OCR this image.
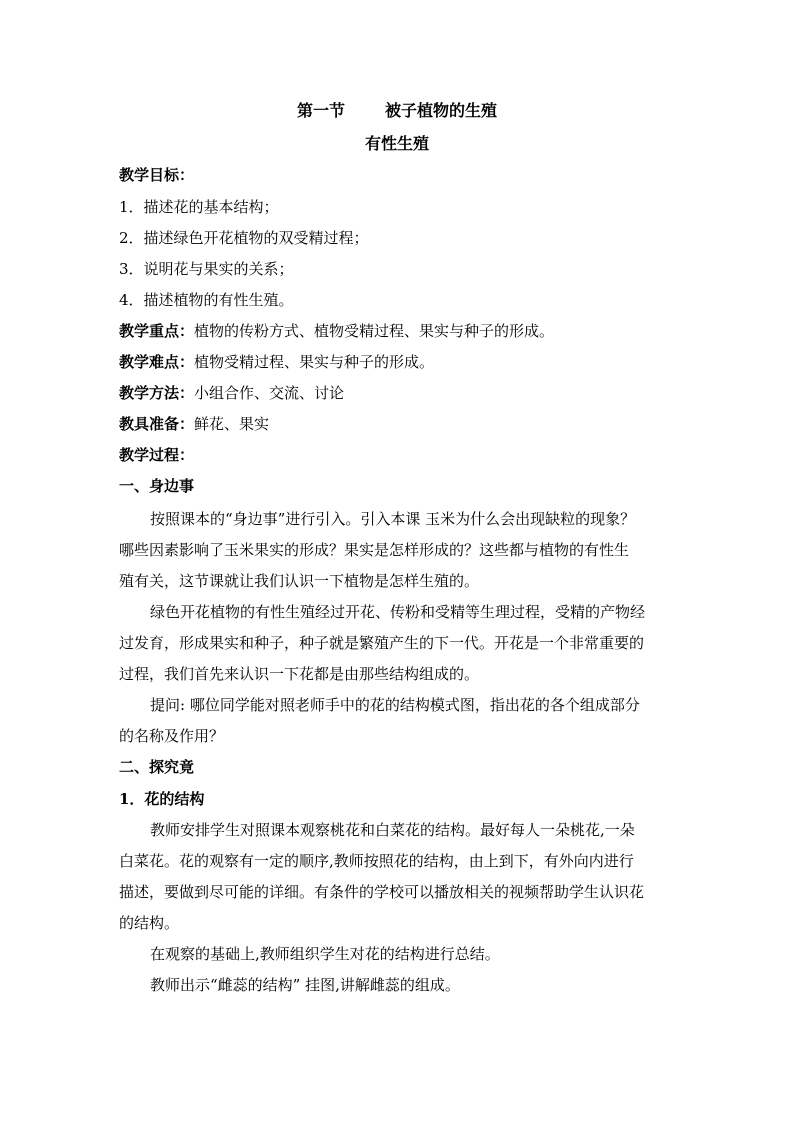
第一节	被子植物的生殖
有性生殖
教学目标：
1．描述花的基本结构；
2．描述绿色开花植物的双受精过程；
3．说明花与果实的关系；
4．描述植物的有性生殖。
教学重点：植物的传粉方式、植物受精过程、果实与种子的形成。
教学难点：植物受精过程、果实与种子的形成。
教学方法：小组合作、交流、讨论
教具准备：鲜花、果实
教学过程：
一、身边事
按照课本的“身边事”进行引入。引入本课 玉米为什么会出现缺粒的现象？
哪些因素影响了玉米果实的形成？果实是怎样形成的？这些都与植物的有性生
殖有关，这节课就让我们认识一下植物是怎样生殖的。
绿色开花植物的有性生殖经过开花、传粉和受精等生理过程，受精的产物经
过发育，形成果实和种子，种子就是繁殖产生的下一代。开花是一个非常重要的
过程，我们首先来认识一下花都是由那些结构组成的。
提问: 哪位同学能对照老师手中的花的结构模式图，指出花的各个组成部分
的名称及作用？
二、探究竟
1．花的结构
教师安排学生对照课本观察桃花和白菜花的结构。最好每人一朵桃花,一朵
白菜花。花的观察有一定的顺序,教师按照花的结构，由上到下，有外向内进行
描述，要做到尽可能的详细。有条件的学校可以播放相关的视频帮助学生认识花
的结构。
在观察的基础上,教师组织学生对花的结构进行总结。
教师出示“雌蕊的结构” 挂图,讲解雌蕊的组成。
